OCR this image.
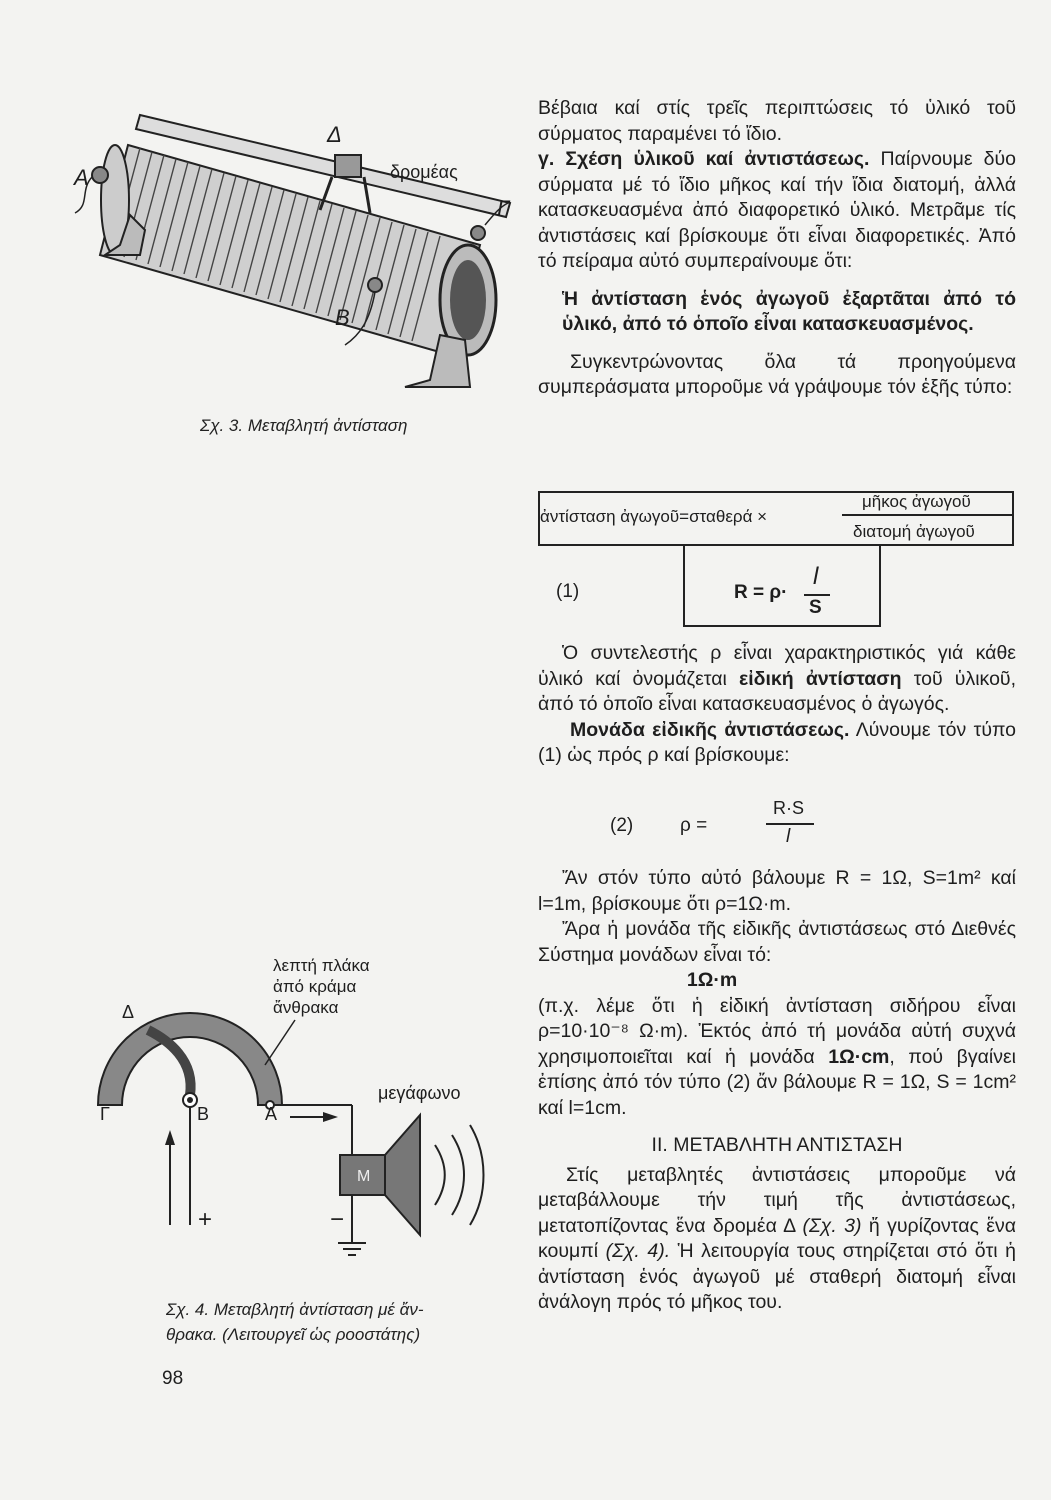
Α
Δ
Γ
Β
δρομέας
Σχ. 3. Μεταβλητή ἀντίσταση
λεπτή πλάκα
ἀπό κράμα
ἄνθρακα
Δ
Γ	Β	Α
μεγάφωνο
Μ
+	−
Σχ. 4. Μεταβλητή ἀντίσταση μέ ἄν-
θρακα. (Λειτουργεῖ ὡς ροοστάτης)

Βέβαια καί στίς τρεῖς περιπτώσεις τό ὑλικό τοῦ σύρματος παραμένει τό ἴδιο.

γ. Σχέση ὑλικοῦ καί ἀντιστάσεως. Παίρνουμε δύο σύρματα μέ τό ἴδιο μῆκος καί τήν ἴδια διατομή, ἀλλά κατασκευασμένα ἀπό διαφορετικό ὑλικό. Μετρᾶμε τίς ἀντιστάσεις καί βρίσκουμε ὅτι εἶναι διαφορετικές. Ἀπό τό πείραμα αὐτό συμπεραίνουμε ὅτι:

Ἡ ἀντίσταση ἑνός ἀγωγοῦ ἐξαρτᾶται ἀπό τό ὑλικό, ἀπό τό ὁποῖο εἶναι κατασκευασμένος.

Συγκεντρώνοντας ὅλα τά προηγούμενα συμπεράσματα μποροῦμε νά γράψουμε τόν ἑξῆς τύπο:

ἀντίσταση ἀγωγοῦ=σταθερά ×
μῆκος ἀγωγοῦ
διατομή ἀγωγοῦ
(1)	R = ρ·
l
S

Ὁ συντελεστής ρ εἶναι χαρακτηριστικός γιά κάθε ὑλικό καί ὀνομάζεται εἰδική ἀντίσταση τοῦ ὑλικοῦ, ἀπό τό ὁποῖο εἶναι κατασκευασμένος ὁ ἀγωγός.

Μονάδα εἰδικῆς ἀντιστάσεως. Λύνουμε τόν τύπο (1) ὡς πρός ρ καί βρίσκουμε:

(2) ρ =
R·S
l

Ἄν στόν τύπο αὐτό βάλουμε R = 1Ω, S=1m² καί l=1m, βρίσκουμε ὅτι ρ=1Ω·m.

Ἄρα ἡ μονάδα τῆς εἰδικῆς ἀντιστάσεως στό Διεθνές Σύστημα μονάδων εἶναι τό:

1Ω·m

(π.χ. λέμε ὅτι ἡ εἰδική ἀντίσταση σιδήρου εἶναι ρ=10·10⁻⁸ Ω·m). Ἐκτός ἀπό τή μονάδα αὐτή συχνά χρησιμοποιεῖται καί ἡ μονάδα 1Ω·cm, πού βγαίνει ἐπίσης ἀπό τόν τύπο (2) ἄν βάλουμε R = 1Ω, S = 1cm² καί l=1cm.

ΙΙ. ΜΕΤΑΒΛΗΤΗ ΑΝΤΙΣΤΑΣΗ

Στίς μεταβλητές ἀντιστάσεις μποροῦμε νά μεταβάλλουμε τήν τιμή τῆς ἀντιστάσεως, μετατοπίζοντας ἕνα δρομέα Δ (Σχ. 3) ἤ γυρίζοντας ἕνα κουμπί (Σχ. 4). Ἡ λειτουργία τους στηρίζεται στό ὅτι ἡ ἀντίσταση ἑνός ἀγωγοῦ μέ σταθερή διατομή εἶναι ἀνάλογη πρός τό μῆκος του.

98
